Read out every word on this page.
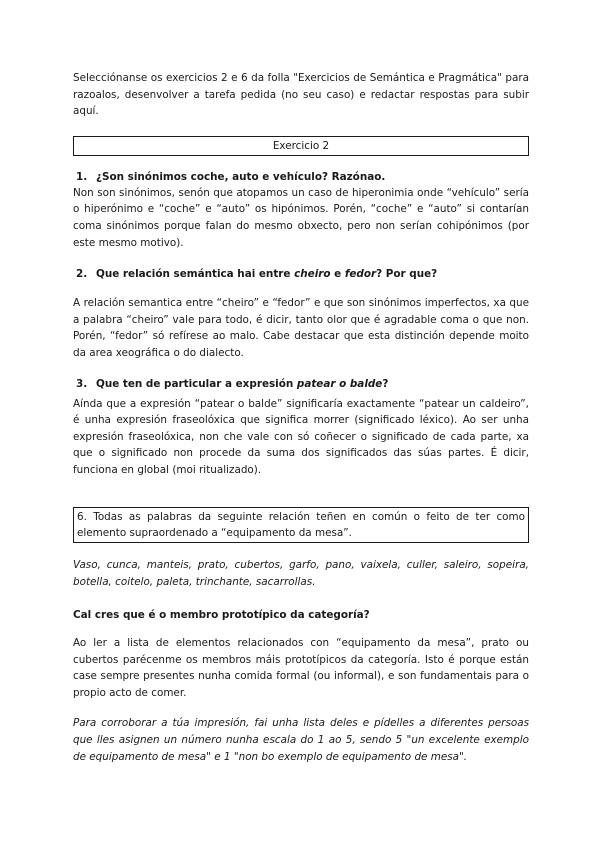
Selecciónanse os exercicios 2 e 6 da folla "Exercicios de Semántica e Pragmática" para razoalos, desenvolver a tarefa pedida (no seu caso) e redactar respostas para subir aquí.

Exercicio 2
1. ¿Son sinónimos coche, auto e vehículo? Razónao.

Non son sinónimos, senón que atopamos un caso de hiperonimia onde “vehículo” sería o hiperónimo e “coche” e “auto” os hipónimos. Porén, “coche” e “auto” si contarían coma sinónimos porque falan do mesmo obxecto, pero non serían cohipónimos (por este mesmo motivo).

2. Que relación semántica hai entre cheiro e fedor? Por que?

A relación semantica entre “cheiro” e “fedor” e que son sinónimos imperfectos, xa que a palabra “cheiro” vale para todo, é dicir, tanto olor que é agradable coma o que non. Porén, “fedor” só refírese ao malo. Cabe destacar que esta distinción depende moito da area xeográfica o do dialecto.

3. Que ten de particular a expresión patear o balde?

Aínda que a expresión “patear o balde” significaría exactamente “patear un caldeiro”, é unha expresión fraseolóxica que significa morrer (significado léxico). Ao ser unha expresión fraseolóxica, non che vale con só coñecer o significado de cada parte, xa que o significado non procede da suma dos significados das súas partes. É dicir, funciona en global (moi ritualizado).

6. Todas as palabras da seguinte relación teñen en común o feito de ter como elemento supraordenado a “equipamento da mesa”.

Vaso, cunca, manteis, prato, cubertos, garfo, pano, vaixela, culler, saleiro, sopeira, botella, coitelo, paleta, trinchante, sacarrollas.

Cal cres que é o membro prototípico da categoría?

Ao ler a lista de elementos relacionados con “equipamento da mesa”, prato ou cubertos parécenme os membros máis prototípicos da categoría. Isto é porque están case sempre presentes nunha comida formal (ou informal), e son fundamentais para o propio acto de comer.

Para corroborar a túa impresión, fai unha lista deles e pídelles a diferentes persoas que lles asignen un número nunha escala do 1 ao 5, sendo 5 "un excelente exemplo de equipamento de mesa" e 1 "non bo exemplo de equipamento de mesa".
